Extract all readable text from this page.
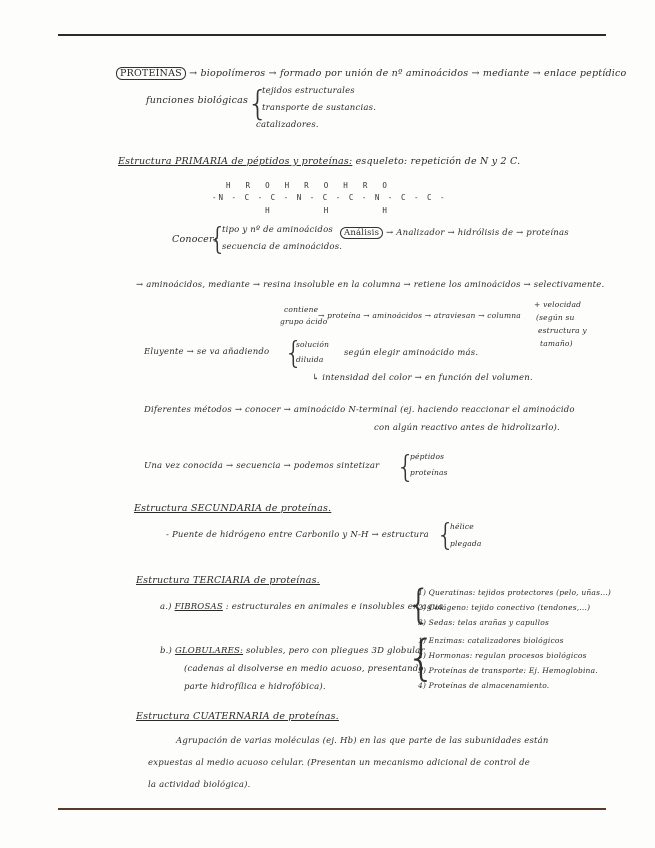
PROTEÍNAS → biopolímeros → formado por unión de nº aminoácidos → mediante → enlace peptídico
funciones biológicas
{
tejidos estructurales
transporte de sustancias.
catalizadores.
Estructura PRIMARIA de péptidos y proteínas: esqueleto: repetición de N y 2 C.
H  R  O  H  R  O  H  R  O
-N - C - C - N - C - C - N - C - C -
H        H        H
Conocer:
{
tipo y nº de aminoácidos
secuencia de aminoácidos.
Análisis → Analizador → hidrólisis de → proteínas
→ aminoácidos, mediante → resina insoluble en la columna → retiene los aminoácidos → selectivamente.
contiene
grupo ácido
→ proteína → aminoácidos → atraviesan → columna
+ velocidad
(según su
estructura y
tamaño)
Eluyente → se va añadiendo {
solución
diluida
según elegir aminoácido más.
↳ intensidad del color → en función del volumen.
Diferentes métodos → conocer → aminoácido N-terminal (ej. haciendo reaccionar el aminoácido
con algún reactivo antes de hidrolizarlo).
Una vez conocida → secuencia → podemos sintetizar {
péptidos
proteínas
Estructura SECUNDARIA de proteínas.
- Puente de hidrógeno entre Carbonilo y N-H → estructura {
hélice
plegada
Estructura TERCIARIA de proteínas.
a.) FIBROSAS : estructurales en animales e insolubles en agua
{
1) Queratinas: tejidos protectores (pelo, uñas...)
2) Colágeno: tejido conectivo (tendones,...)
3) Sedas: telas arañas y capullos
b.) GLOBULARES: solubles, pero con pliegues 3D globular
(cadenas al disolverse en medio acuoso, presentando
parte hidrofílica e hidrofóbica).
{
1) Enzimas: catalizadores biológicos
2) Hormonas: regulan procesos biológicos
3) Proteínas de transporte: Ej. Hemoglobina.
4) Proteínas de almacenamiento.
Estructura CUATERNARIA de proteínas.
Agrupación de varias moléculas (ej. Hb) en las que parte de las subunidades están
expuestas al medio acuoso celular. (Presentan un mecanismo adicional de control de
la actividad biológica).
